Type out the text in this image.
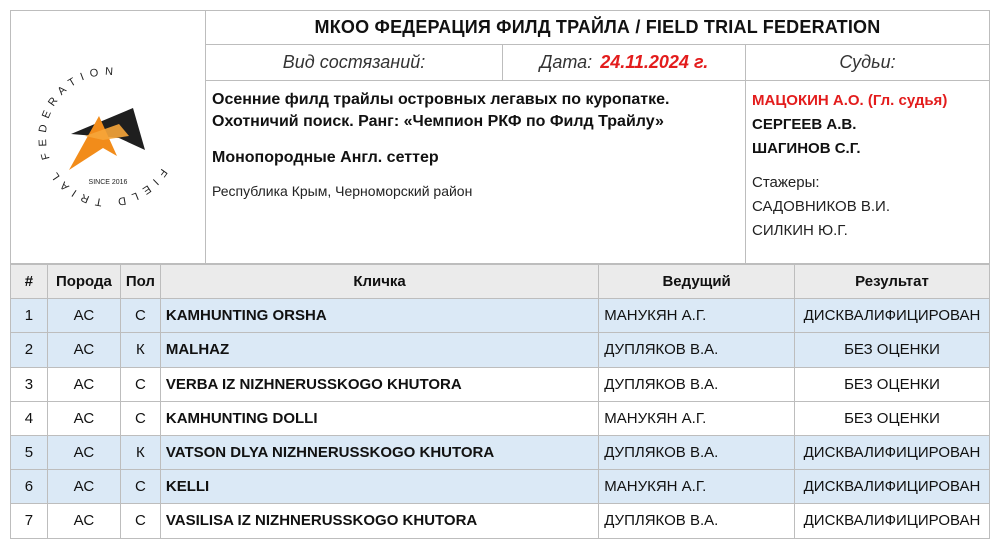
FIELD TRIAL FEDERATION
SINCE 2016
МКОО ФЕДЕРАЦИЯ ФИЛД ТРАЙЛА / FIELD TRIAL FEDERATION
Вид состязаний:	Дата: 24.11.2024 г.	Судьи:
Осенние филд трайлы островных легавых по куропатке.
Охотничий поиск. Ранг: «Чемпион РКФ по Филд Трайлу»
Монопородные Англ. сеттер
Республика Крым, Черноморский район
МАЦОКИН А.О. (Гл. судья)
СЕРГЕЕВ А.В.
ШАГИНОВ С.Г.
Стажеры:
САДОВНИКОВ В.И.
СИЛКИН Ю.Г.
#	Порода	Пол	Кличка	Ведущий	Результат
1	АС	С	KAMHUNTING ORSHA	МАНУКЯН А.Г.	ДИСКВАЛИФИЦИРОВАН
2	АС	К	MALHAZ	ДУПЛЯКОВ В.А.	БЕЗ ОЦЕНКИ
3	АС	С	VERBA IZ NIZHNERUSSKOGO KHUTORA	ДУПЛЯКОВ В.А.	БЕЗ ОЦЕНКИ
4	АС	С	KAMHUNTING DOLLI	МАНУКЯН А.Г.	БЕЗ ОЦЕНКИ
5	АС	К	VATSON DLYA NIZHNERUSSKOGO KHUTORA	ДУПЛЯКОВ В.А.	ДИСКВАЛИФИЦИРОВАН
6	АС	С	KELLI	МАНУКЯН А.Г.	ДИСКВАЛИФИЦИРОВАН
7	АС	С	VASILISA IZ NIZHNERUSSKOGO KHUTORA	ДУПЛЯКОВ В.А.	ДИСКВАЛИФИЦИРОВАН
